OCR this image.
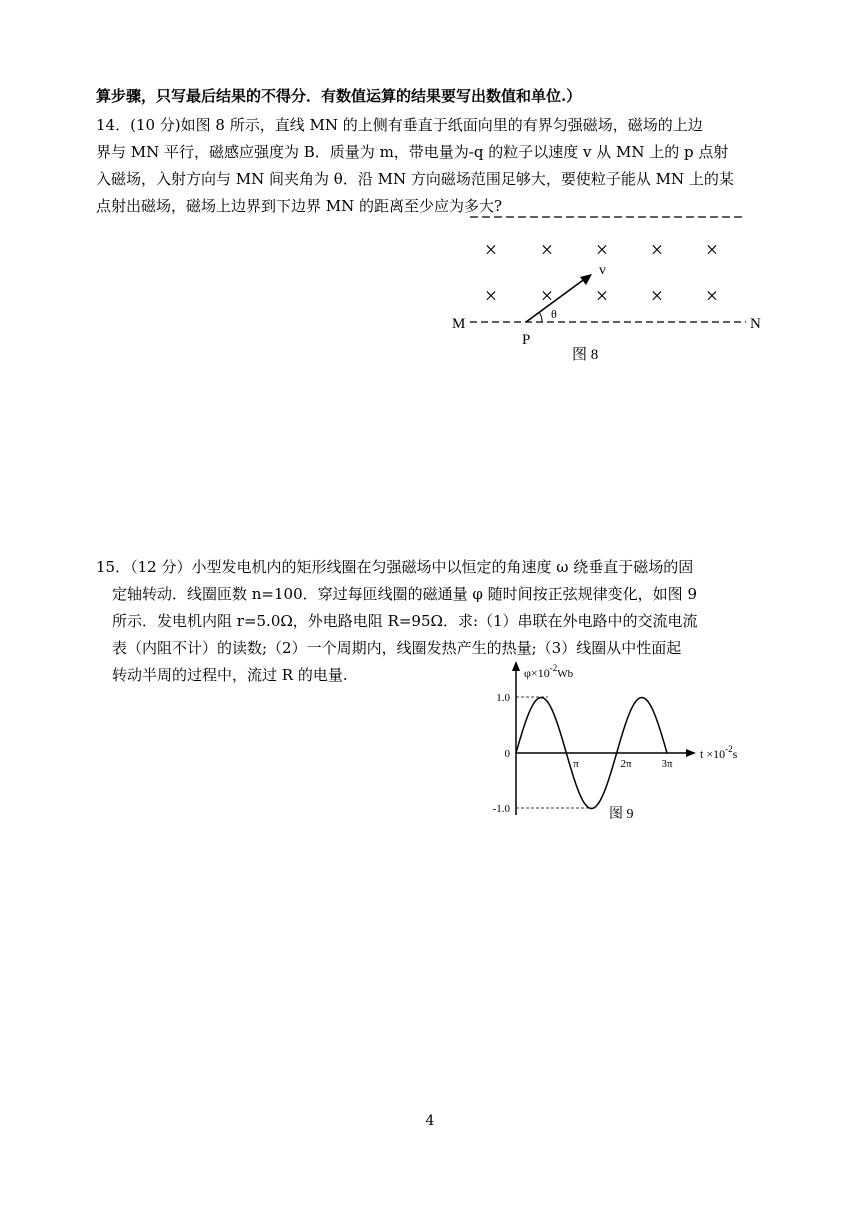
算步骤，只写最后结果的不得分．有数值运算的结果要写出数值和单位.）
14．(10 分)如图 8 所示，直线 MN 的上侧有垂直于纸面向里的有界匀强磁场，磁场的上边
界与 MN 平行，磁感应强度为 B．质量为 m，带电量为-q 的粒子以速度 v 从 MN 上的 p 点射
入磁场，入射方向与 MN 间夹角为 θ．沿 MN 方向磁场范围足够大，要使粒子能从 MN 上的某
点射出磁场，磁场上边界到下边界 MN 的距离至少应为多大?
× × × × ×
× × × × ×
M	N
P
v
θ
图 8
15．（12 分）小型发电机内的矩形线圈在匀强磁场中以恒定的角速度 ω 绕垂直于磁场的固
定轴转动．线圈匝数 n=100．穿过每匝线圈的磁通量 φ 随时间按正弦规律变化，如图 9
所示．发电机内阻 r=5.0Ω，外电路电阻 R=95Ω．求:（1）串联在外电路中的交流电流
表（内阻不计）的读数;（2）一个周期内，线圈发热产生的热量;（3）线圈从中性面起
转动半周的过程中，流过 R 的电量.	$\varphi\times 10^{-2}Wb$
$t \times 10^{-2}s$
1.0
0
-1.0
π	2π	3π
图 9
4
